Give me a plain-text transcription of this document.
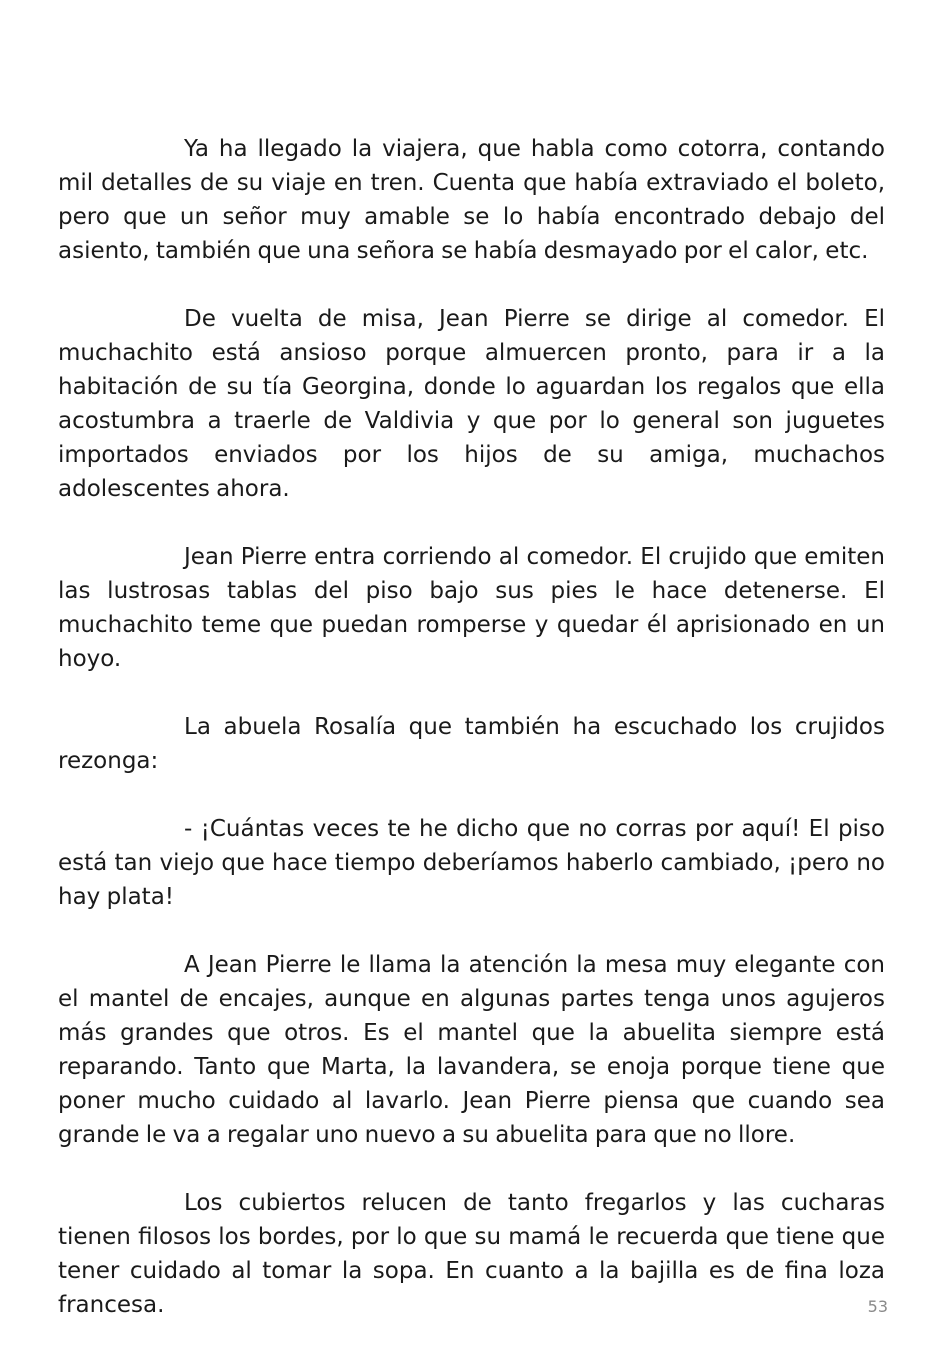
Ya ha llegado la viajera, que habla como cotorra, contando mil detalles de su viaje en tren. Cuenta que había extraviado el boleto, pero que un señor muy amable se lo había encontrado debajo del asiento, también que una señora se había desmayado por el calor, etc.

De vuelta de misa, Jean Pierre se dirige al comedor. El muchachito está ansioso porque almuercen pronto, para ir a la habitación de su tía Georgina, donde lo aguardan los regalos que ella acostumbra a traerle de Valdivia y que por lo general son juguetes importados enviados por los hijos de su amiga, muchachos adolescentes ahora.

Jean Pierre entra corriendo al comedor. El crujido que emiten las lustrosas tablas del piso bajo sus pies le hace detenerse. El muchachito teme que puedan romperse y quedar él aprisionado en un hoyo.

La abuela Rosalía que también ha escuchado los crujidos rezonga:

- ¡Cuántas veces te he dicho que no corras por aquí! El piso está tan viejo que hace tiempo deberíamos haberlo cambiado, ¡pero no hay plata!

A Jean Pierre le llama la atención la mesa muy elegante con el mantel de encajes, aunque en algunas partes tenga unos agujeros más grandes que otros. Es el mantel que la abuelita siempre está reparando. Tanto que Marta, la lavandera, se enoja porque tiene que poner mucho cuidado al lavarlo. Jean Pierre piensa que cuando sea grande le va a regalar uno nuevo a su abuelita para que no llore.

Los cubiertos relucen de tanto fregarlos y las cucharas tienen filosos los bordes, por lo que su mamá le recuerda que tiene que tener cuidado al tomar la sopa. En cuanto a la bajilla es de fina loza francesa.	53
